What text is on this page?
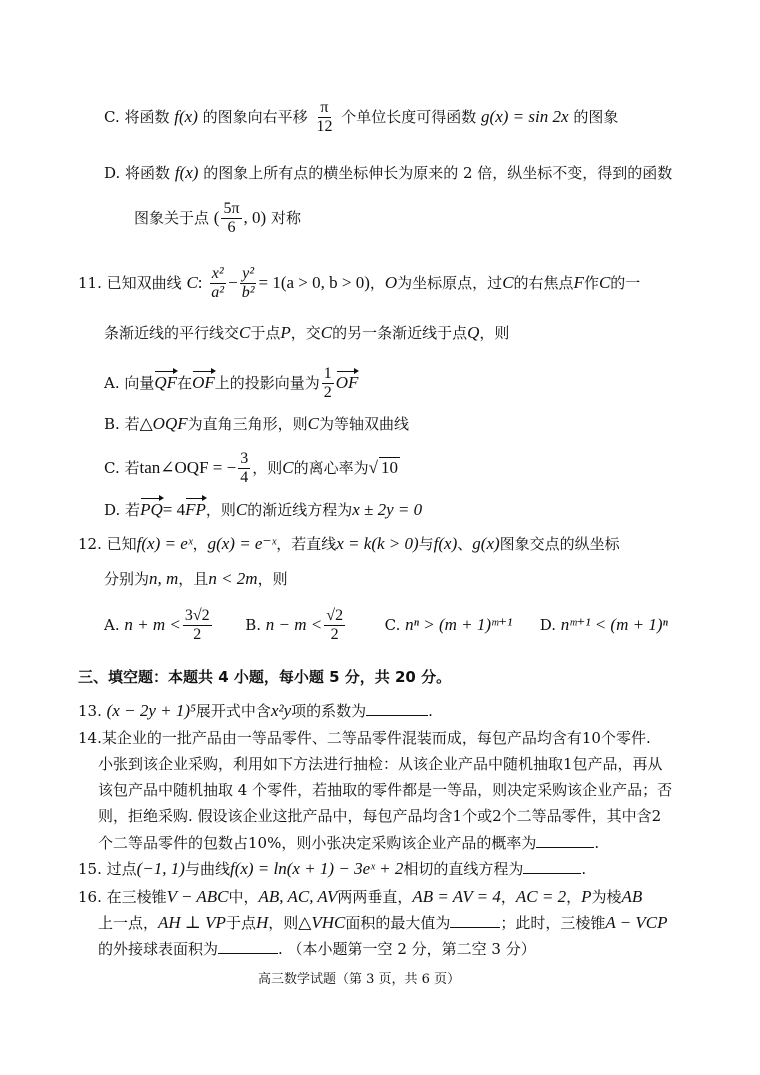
C. 将函数 f(x) 的图象向右平移 $\frac{\pi}{12}$ 个单位长度可得函数 g(x) = sin 2x 的图象
D. 将函数 f(x) 的图象上所有点的横坐标伸长为原来的 2 倍，纵坐标不变，得到的函数
图象关于点 ( $\frac{5\pi}{6}$ , 0) 对称
11. 已知双曲线 C: $\frac{\text{x²}}{\text{a²}} - \frac{\text{y²}}{\text{b²}} = 1(a > 0$, b > 0)，O为坐标原点，过C的右焦点F作C的一
条渐近线的平行线交C于点P，交C的另一条渐近线于点Q，则
A. 向量QF在OF上的投影向量为 $\frac{1}{2}$ OF
B. 若△OQF为直角三角形，则C为等轴双曲线
C. 若tan∠OQF = − $\frac{3}{4}$ ，则C的离心率为√ 10
D. 若PQ= 4FP，则C的渐近线方程为x ± 2y = 0
12. 已知f(x) = eˣ，g(x) = e⁻ˣ，若直线x = k(k > 0)与f(x)、g(x)图象交点的纵坐标
分别为n, m，且n < 2m，则
A. $n + m < \frac{3√2}{2} B$. $n - m < \frac{√2}{2}$	C. nⁿ > (m + 1)ᵐ⁺¹ D. nᵐ⁺¹ < (m + 1)ⁿ
三、填空题：本题共 4 小题，每小题 5 分，共 20 分。
13. (x − 2y + 1)⁵展开式中含x²y项的系数为	.
14.某企业的一批产品由一等品零件、二等品零件混装而成，每包产品均含有10个零件.
小张到该企业采购，利用如下方法进行抽检：从该企业产品中随机抽取1包产品，再从
该包产品中随机抽取 4 个零件，若抽取的零件都是一等品，则决定采购该企业产品；否
则，拒绝采购. 假设该企业这批产品中，每包产品均含1个或2个二等品零件，其中含2
个二等品零件的包数占10%，则小张决定采购该企业产品的概率为	.
15. 过点(−1, 1)与曲线f(x) = ln(x + 1) − 3eˣ + 2相切的直线方程为	.
16. 在三棱锥V − ABC中，AB, AC, AV两两垂直，AB = AV = 4，AC = 2，P为棱AB
上一点，AH ⊥ VP于点H，则△VHC面积的最大值为	；此时，三棱锥A − VCP
的外接球表面积为	. （本小题第一空 2 分，第二空 3 分）
高三数学试题（第 3 页，共 6 页）
